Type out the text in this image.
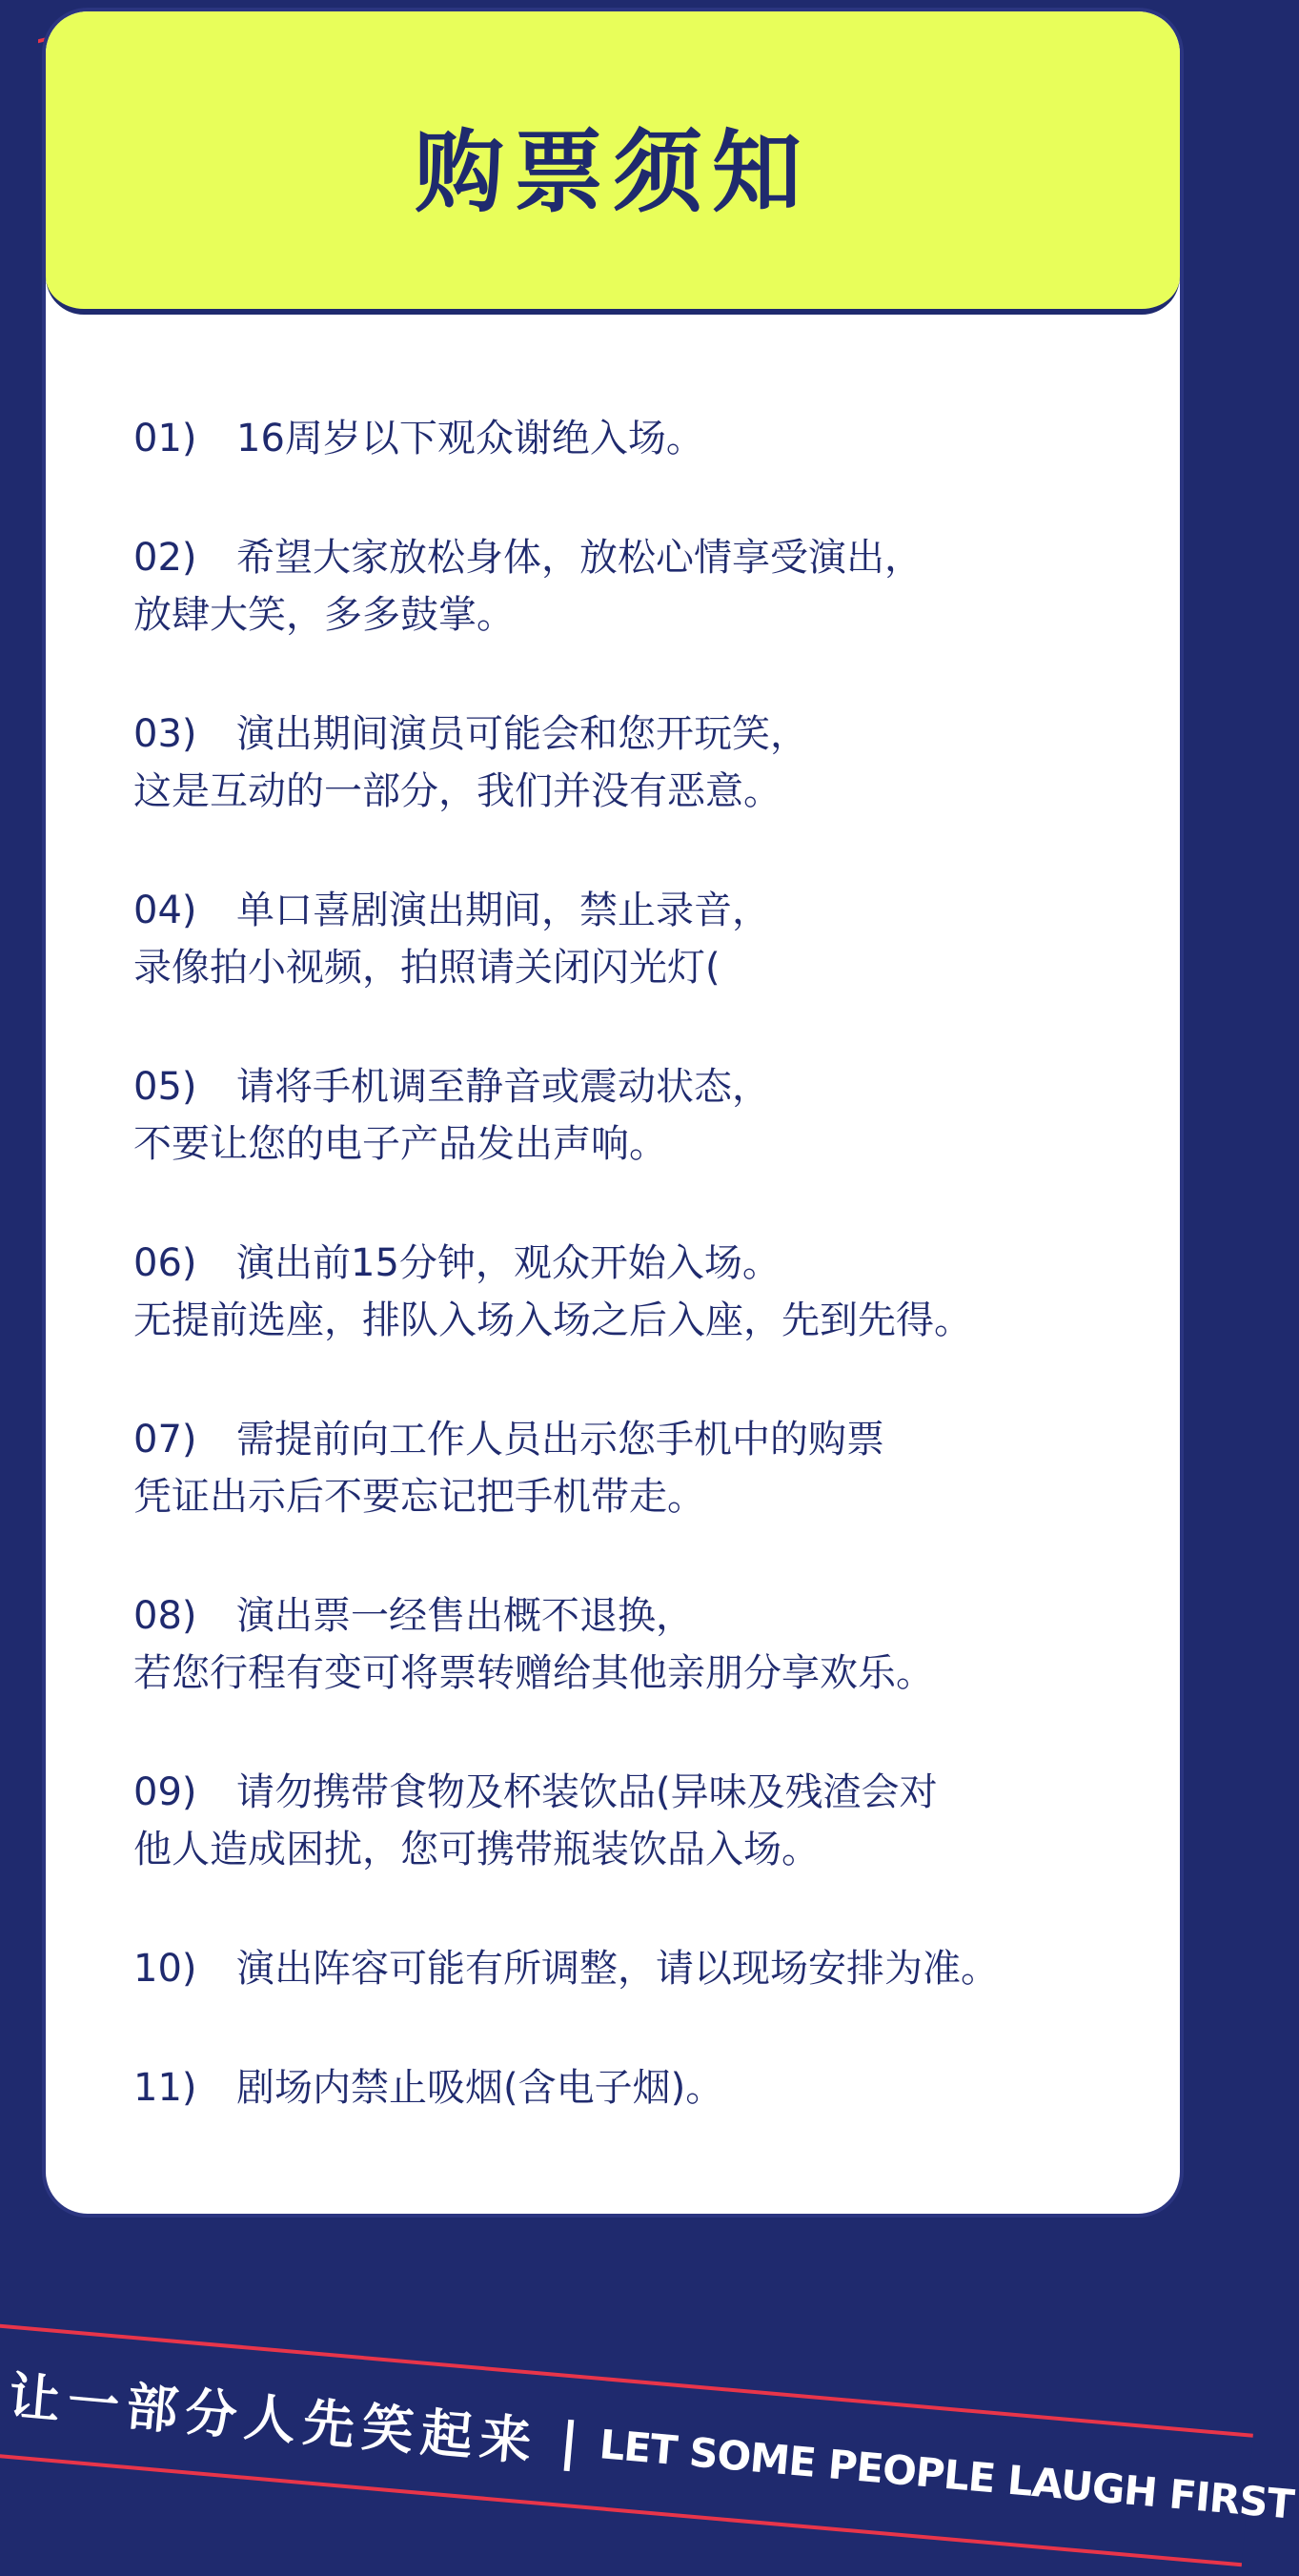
购票须知
01) 16周岁以下观众谢绝入场。
02) 希望大家放松身体，放松心情享受演出，
放肆大笑，多多鼓掌。
03) 演出期间演员可能会和您开玩笑，
这是互动的一部分，我们并没有恶意。
04) 单口喜剧演出期间，禁止录音，
录像拍小视频，拍照请关闭闪光灯(
05) 请将手机调至静音或震动状态，
不要让您的电子产品发出声响。
06) 演出前15分钟，观众开始入场。
无提前选座，排队入场入场之后入座，先到先得。
07) 需提前向工作人员出示您手机中的购票
凭证出示后不要忘记把手机带走。
08) 演出票一经售出概不退换，
若您行程有变可将票转赠给其他亲朋分享欢乐。
09) 请勿携带食物及杯装饮品(异味及残渣会对
他人造成困扰，您可携带瓶装饮品入场。
10) 演出阵容可能有所调整，请以现场安排为准。
11) 剧场内禁止吸烟(含电子烟)。
让一部分人先笑起来 | LET SOME PEOPLE LAUGH FIRST
